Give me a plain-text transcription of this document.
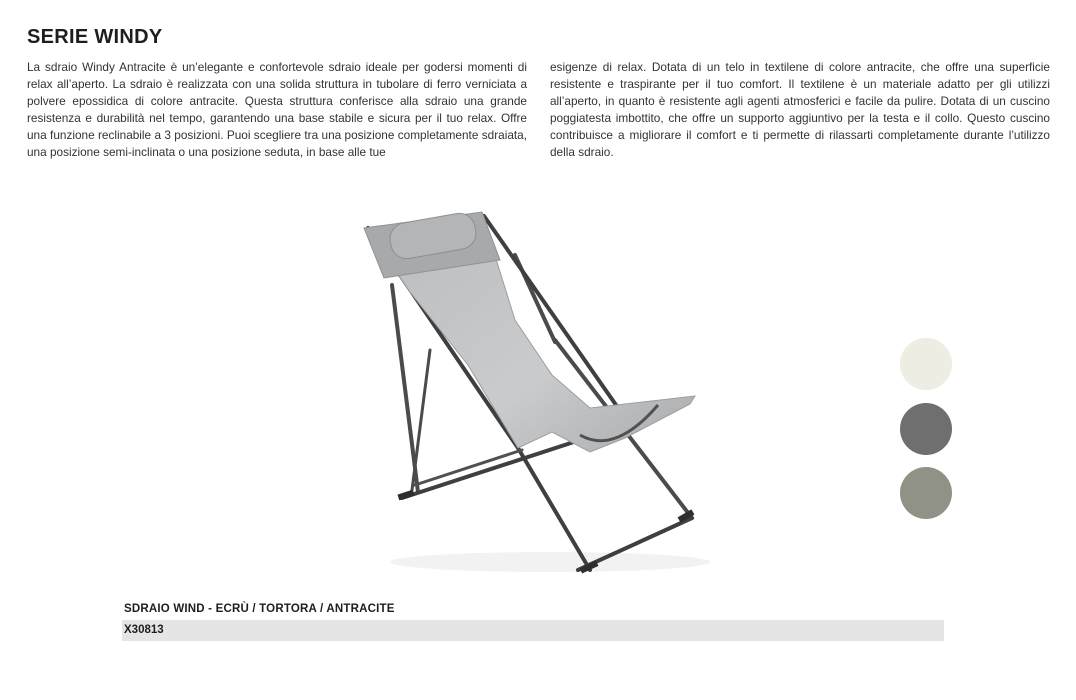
SERIE WINDY

La sdraio Windy Antracite è un’elegante e confortevole sdraio ideale per godersi momenti di relax all’aperto. La sdraio è realizzata con una solida struttura in tubolare di ferro verniciata a polvere epossidica di colore antracite. Questa struttura conferisce alla sdraio una grande resistenza e durabilità nel tempo, garantendo una base stabile e sicura per il tuo relax. Offre una funzione reclinabile a 3 posizioni. Puoi scegliere tra una posizione completamente sdraiata, una posizione semi-inclinata o una posizione seduta, in base alle tue

esigenze di relax. Dotata di un telo in textilene di colore antracite, che offre una superficie resistente e traspirante per il tuo comfort. Il textilene è un materiale adatto per gli utilizzi all’aperto, in quanto è resistente agli agenti atmosferici e facile da pulire. Dotata di un cuscino poggiatesta imbottito, che offre un supporto aggiuntivo per la testa e il collo. Questo cuscino contribuisce a migliorare il comfort e ti permette di rilassarti completamente durante l’utilizzo della sdraio.

SDRAIO WIND - ECRÙ / TORTORA / ANTRACITE
X30813
